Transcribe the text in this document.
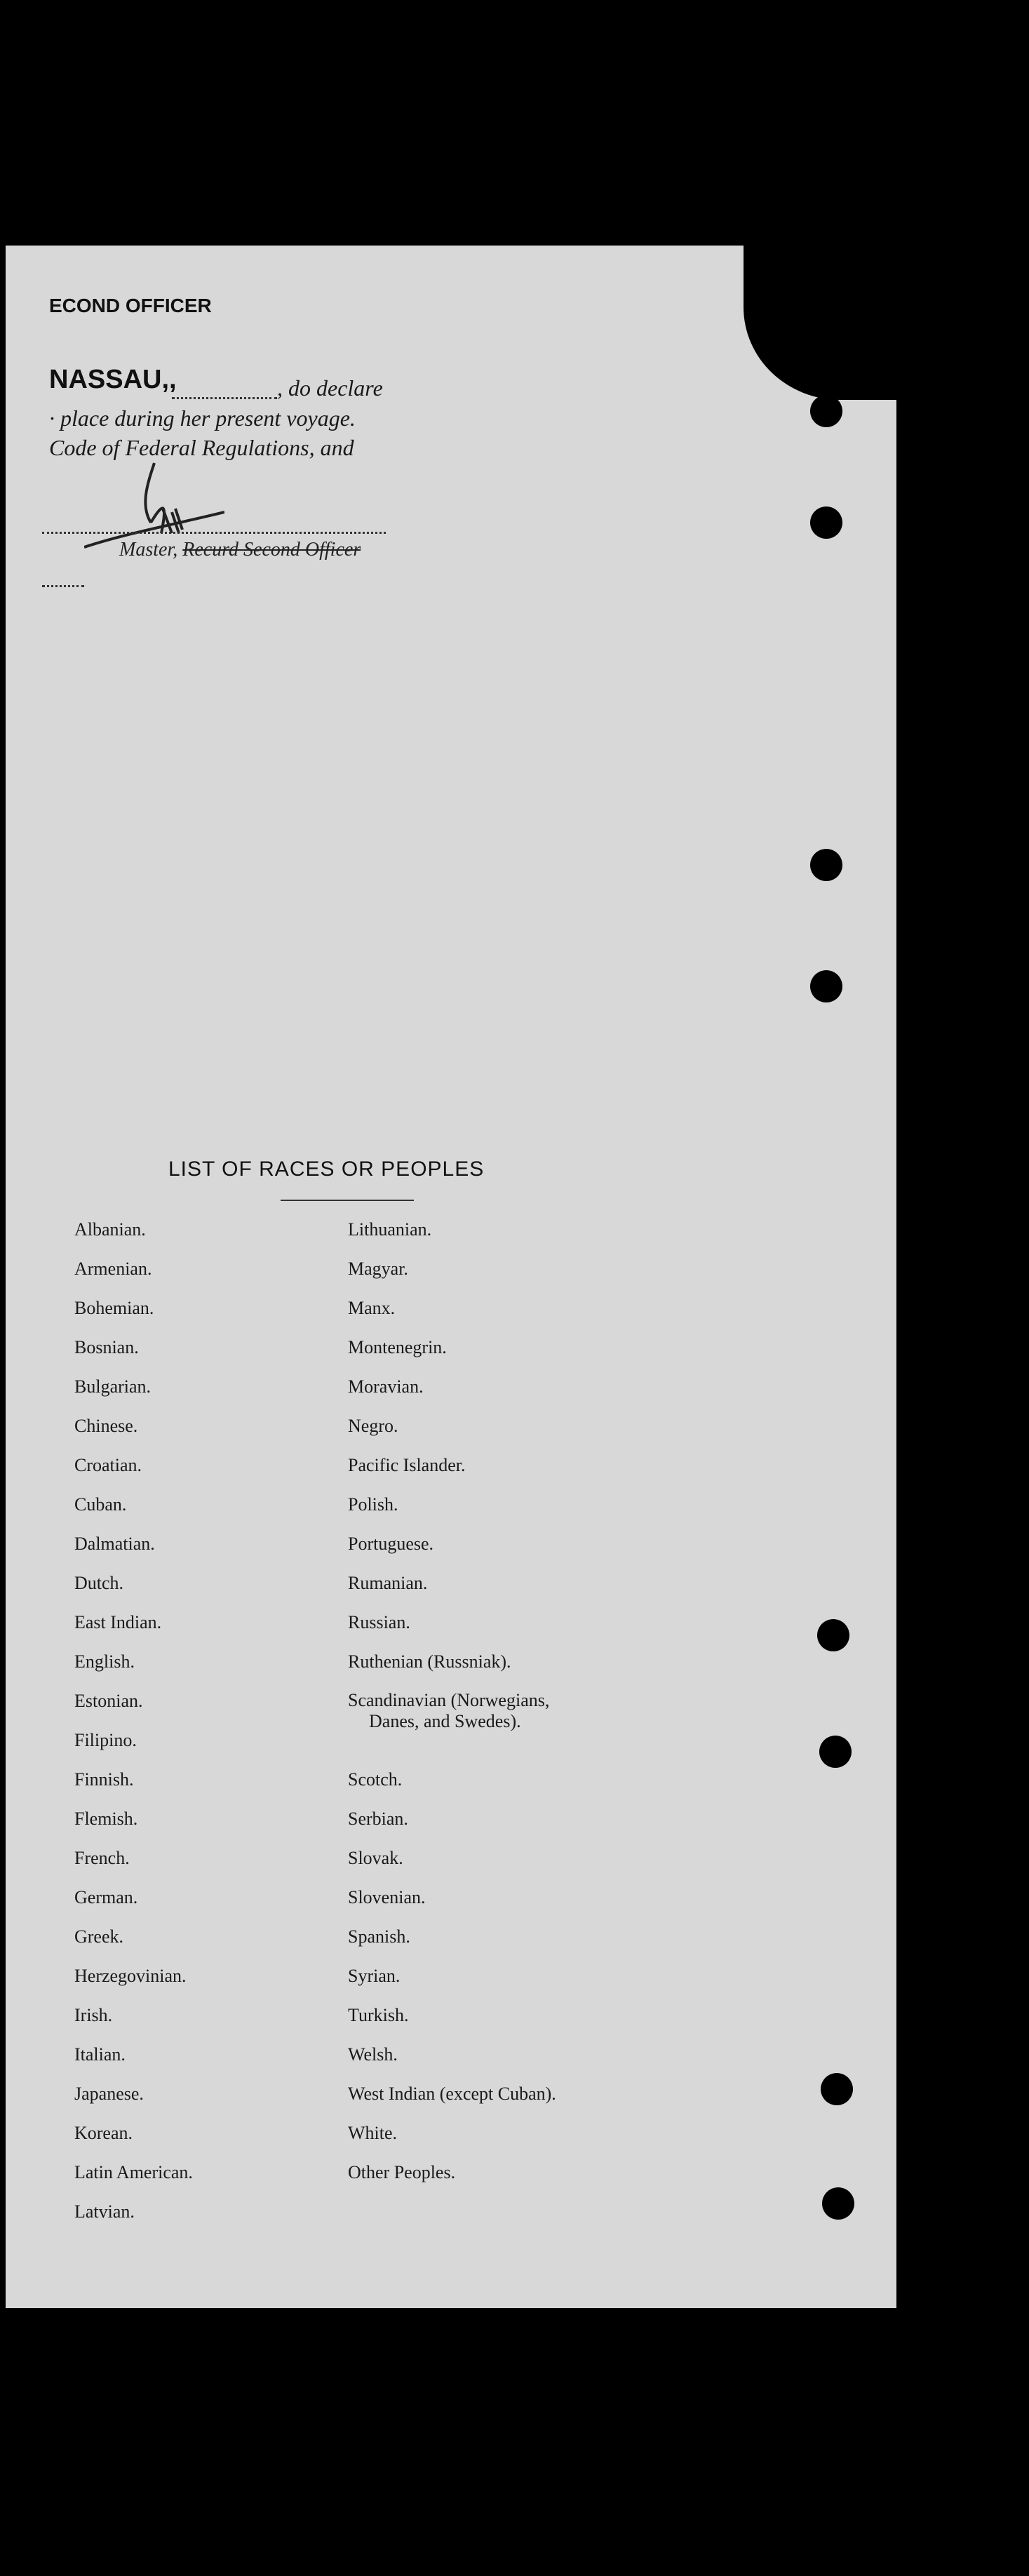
ECOND OFFICER
NASSAU,,	, do declare
· place during her present voyage.
Code of Federal Regulations, and
Master, Recurd Second Officer
LIST OF RACES OR PEOPLES
Albanian.
Armenian.
Bohemian.
Bosnian.
Bulgarian.
Chinese.
Croatian.
Cuban.
Dalmatian.
Dutch.
East Indian.
English.
Estonian.
Filipino.
Finnish.
Flemish.
French.
German.
Greek.
Herzegovinian.
Irish.
Italian.
Japanese.
Korean.
Latin American.
Latvian.
Lithuanian.
Magyar.
Manx.
Montenegrin.
Moravian.
Negro.
Pacific Islander.
Polish.
Portuguese.
Rumanian.
Russian.
Ruthenian (Russniak).
Scandinavian (Norwegians,
Danes, and Swedes).
Scotch.
Serbian.
Slovak.
Slovenian.
Spanish.
Syrian.
Turkish.
Welsh.
West Indian (except Cuban).
White.
Other Peoples.
